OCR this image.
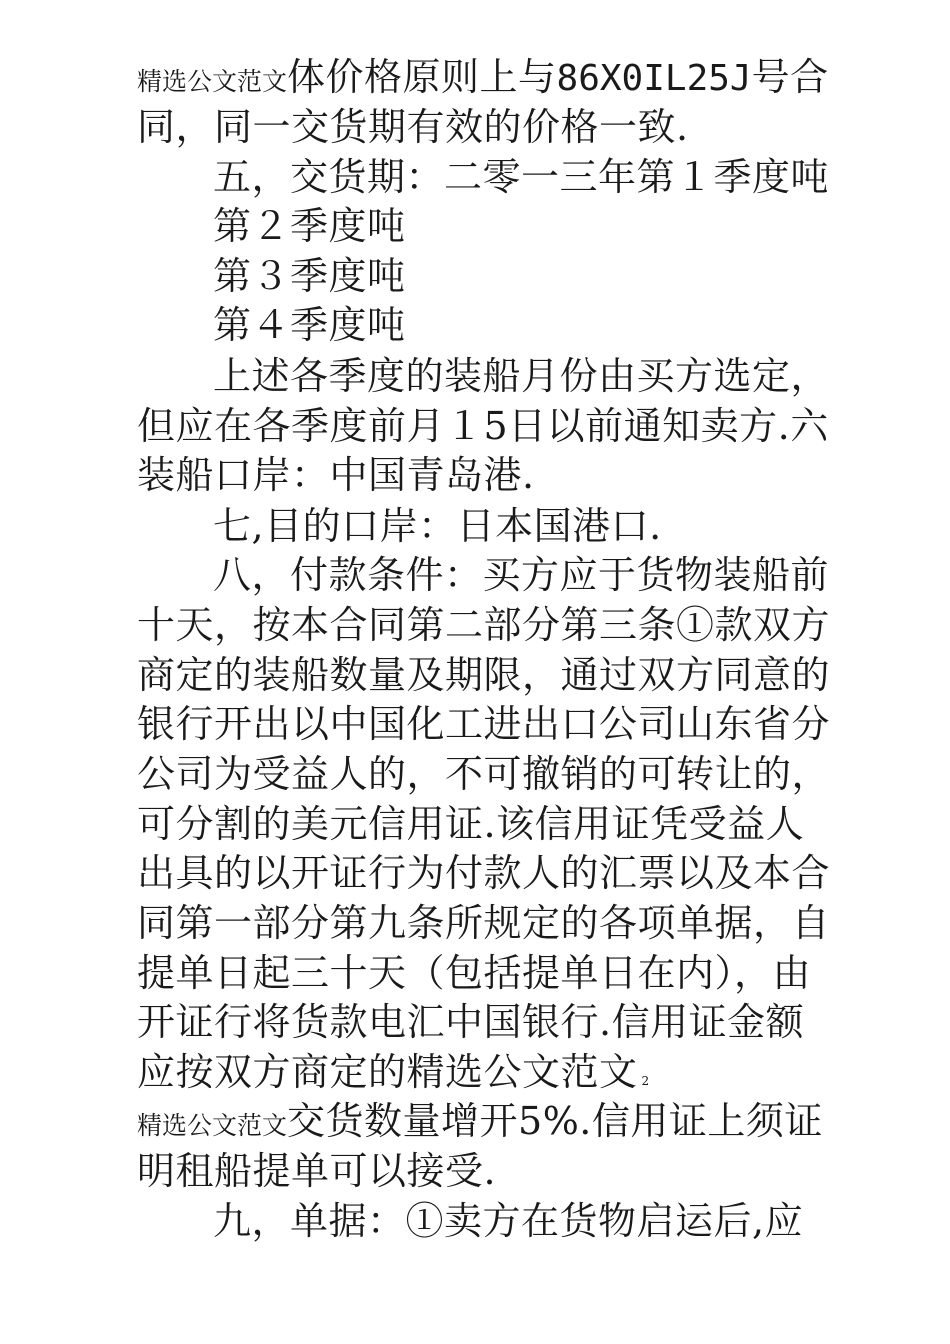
精选公文范文体价格原则上与86X0IL25J号合
同，同一交货期有效的价格一致.
五，交货期：二零一三年第１季度吨
第２季度吨
第３季度吨
第４季度吨
上述各季度的装船月份由买方选定，
但应在各季度前月１5日以前通知卖方.六
装船口岸：中国青岛港.
七,目的口岸：日本国港口.
八，付款条件：买方应于货物装船前
十天，按本合同第二部分第三条①款双方
商定的装船数量及期限，通过双方同意的
银行开出以中国化工进出口公司山东省分
公司为受益人的，不可撤销的可转让的，
可分割的美元信用证.该信用证凭受益人
出具的以开证行为付款人的汇票以及本合
同第一部分第九条所规定的各项单据，自
提单日起三十天（包括提单日在内），由
开证行将货款电汇中国银行.信用证金额
应按双方商定的精选公文范文 2
精选公文范文交货数量增开5%.信用证上须证
明租船提单可以接受.
九，单据：①卖方在货物启运后,应
